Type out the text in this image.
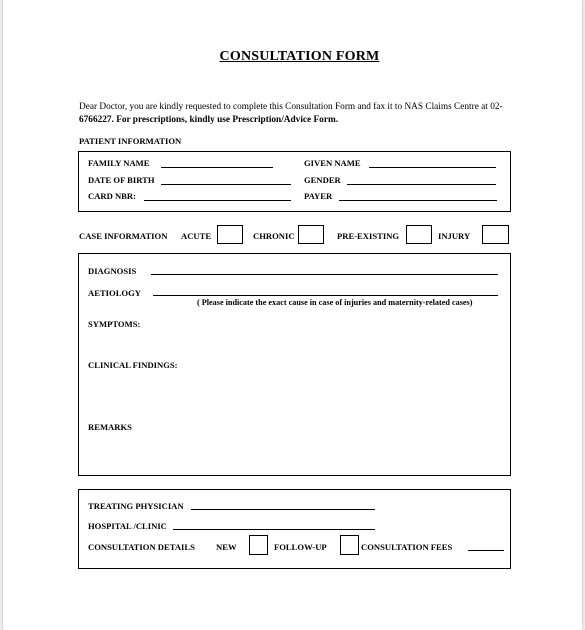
CONSULTATION FORM
Dear Doctor, you are kindly requested to complete this Consultation Form and fax it to NAS Claims Centre at 02-
6766227. For prescriptions, kindly use Prescription/Advice Form.
PATIENT INFORMATION
FAMILY NAME	GIVEN NAME
DATE OF BIRTH	GENDER
CARD NBR:	PAYER
CASE INFORMATION ACUTE	CHRONIC	PRE-EXISTING	INJURY
DIAGNOSIS
AETIOLOGY
( Please indicate the exact cause in case of injuries and maternity-related cases)
SYMPTOMS:
CLINICAL FINDINGS:
REMARKS
TREATING PHYSICIAN
HOSPITAL /CLINIC
CONSULTATION DETAILS NEW	FOLLOW-UP	CONSULTATION FEES
